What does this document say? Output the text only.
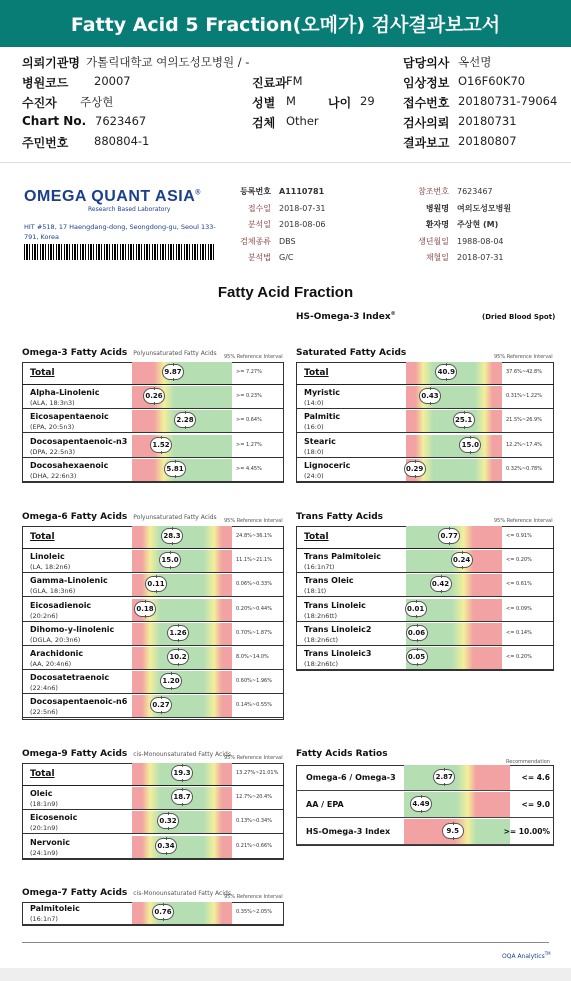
Fatty Acid 5 Fraction(오메가) 검사결과보고서
의뢰기관명 가톨릭대학교 여의도성모병원 / -	담당의사 옥선명
병원코드 20007	진료과 FM	임상정보 O16F60K70
수진자 주상현	성별 M	나이 29 접수번호 20180731-79064
Chart No. 7623467	검체 Other	검사의뢰 20180731
주민번호 880804-1	결과보고 20180807
OMEGA QUANT ASIA®
Research Based Laboratory
HIT #518, 17 Haengdang-dong, Seongdong-gu, Seoul 133-791, Korea
등록번호 A1110781
접수일 2018-07-31
분석일 2018-08-06
검체종류 DBS
분석법 G/C
참조번호 7623467
병원명 여의도성모병원
환자명 주상현 (M)
생년월일 1988-08-04
채혈일 2018-07-31
Fatty Acid Fraction
HS-Omega-3 Index®	(Dried Blood Spot)
Omega-3 Fatty Acids Polyunsaturated Fatty Acids 95% Reference Interval
Total	9.87	>= 7.27%
Alpha-Linolenic
(ALA, 18:3n3)
0.26	>= 0.23%
Eicosapentaenoic
(EPA, 20:5n3)
2.28	>= 0.64%
Docosapentaenoic-n3
(DPA, 22:5n3)
1.52	>= 1.27%
Docosahexaenoic
(DHA, 22:6n3)
5.81	>= 4.45%
Saturated Fatty Acids	95% Reference Interval
Total	40.9	37.6%~42.8%
Myristic
(14:0)
0.43	0.31%~1.22%
Palmitic
(16:0)
25.1	21.5%~26.9%
Stearic
(18:0)
15.0	12.2%~17.4%
Lignoceric
(24:0)
0.29	0.32%~0.78%
Omega-6 Fatty Acids Polyunsaturated Fatty Acids 95% Reference Interval
Total	28.3	24.8%~36.1%
Linoleic
(LA, 18:2n6)
15.0	11.1%~21.1%
Gamma-Linolenic
(GLA, 18:3n6)
0.11	0.06%~0.33%
Eicosadienoic
(20:2n6)
0.18	0.20%~0.44%
Dihomo-y-linolenic
(DGLA, 20:3n6)
1.26	0.70%~1.87%
Arachidonic
(AA, 20:4n6)
10.2	8.0%~14.0%
Docosatetraenoic
(22:4n6)
1.20	0.60%~1.96%
Docosapentaenoic-n6
(22:5n6)
0.27	0.14%~0.55%
Trans Fatty Acids	95% Reference Interval
Total	0.77	<= 0.91%
Trans Palmitoleic
(16:1n7t)
0.24	<= 0.20%
Trans Oleic
(18:1t)
0.42	<= 0.61%
Trans Linoleic
(18:2n6tt)
0.01	<= 0.09%
Trans Linoleic2
(18:2n6ct)
0.06	<= 0.14%
Trans Linoleic3
(18:2n6tc)
0.05	<= 0.20%
Omega-9 Fatty Acids cis-Monounsaturated Fatty Acids
95% Reference Interval
Total	19.3	13.27%~21.01%
Oleic
(18:1n9)
18.7	12.7%~20.4%
Eicosenoic
(20:1n9)
0.32	0.13%~0.34%
Nervonic
(24:1n9)
0.34	0.21%~0.66%
Omega-7 Fatty Acids cis-Monounsaturated Fatty Acids
95% Reference Interval
Palmitoleic
(16:1n7)
0.76	0.35%~2.05%
Fatty Acids Ratios
Recommendation
Omega-6 / Omega-3	2.87	<= 4.6
AA / EPA	4.49	<= 9.0
HS-Omega-3 Index	9.5	>= 10.00%
OQA Analytics™
